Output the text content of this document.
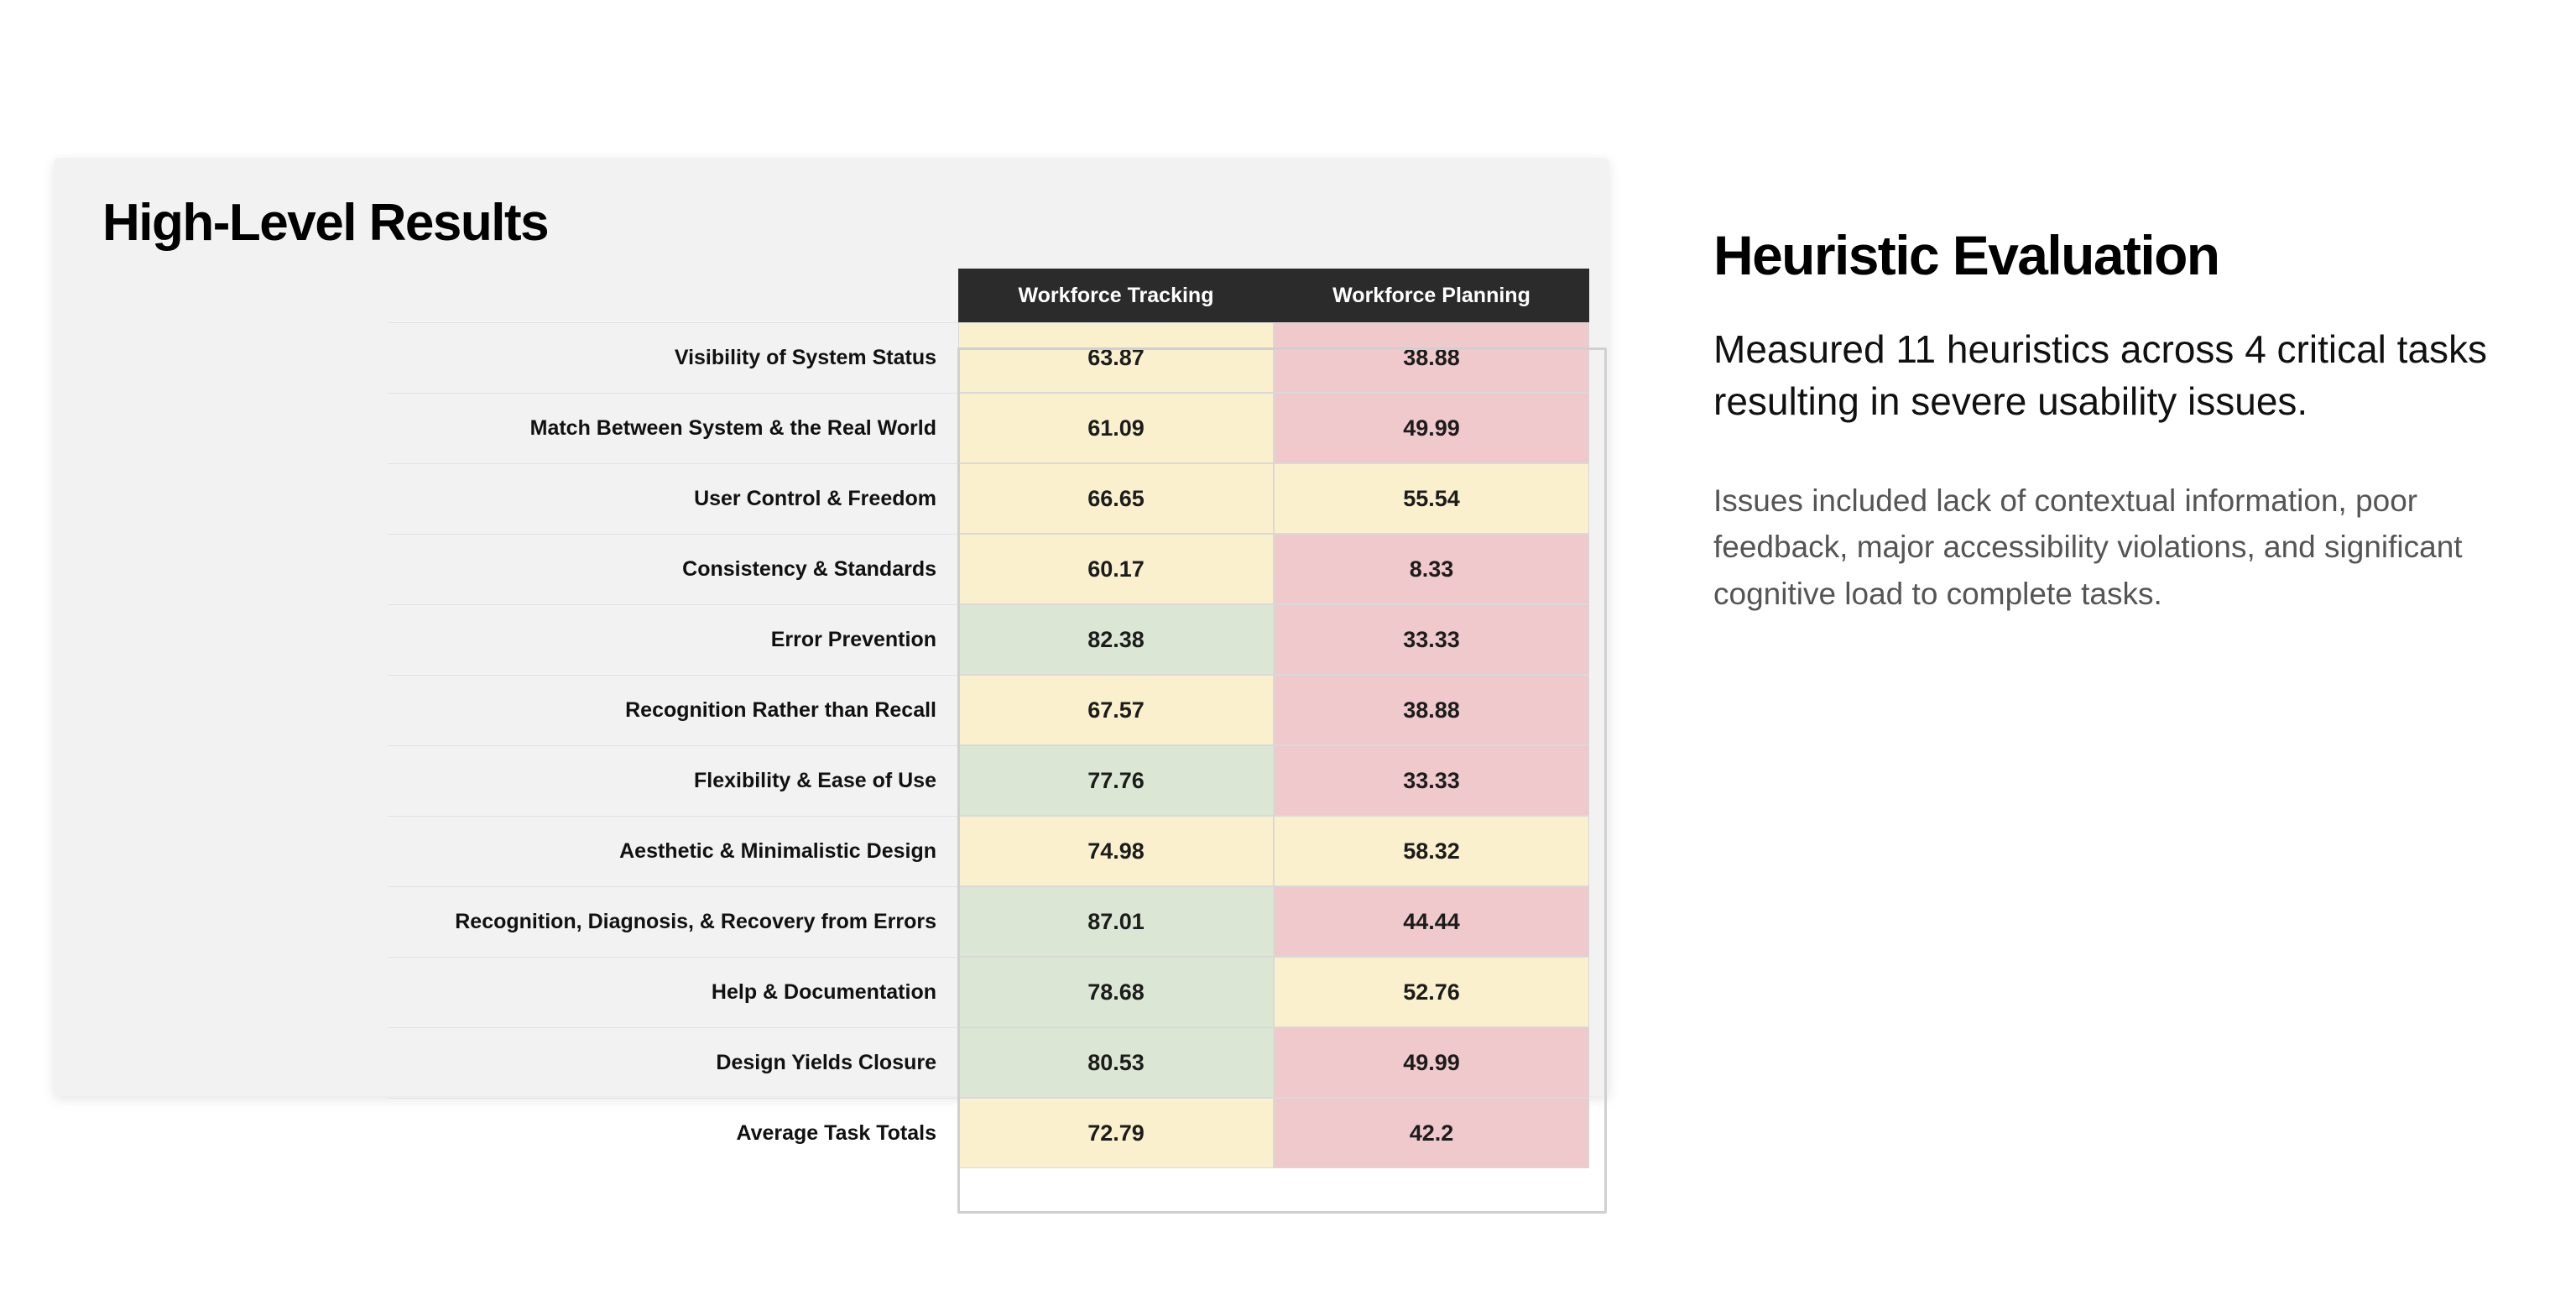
High-Level Results
	Workforce Tracking	Workforce Planning
Visibility of System Status	63.87	38.88
Match Between System & the Real World	61.09	49.99
User Control & Freedom	66.65	55.54
Consistency & Standards	60.17	8.33
Error Prevention	82.38	33.33
Recognition Rather than Recall	67.57	38.88
Flexibility & Ease of Use	77.76	33.33
Aesthetic & Minimalistic Design	74.98	58.32
Recognition, Diagnosis, & Recovery from Errors	87.01	44.44
Help & Documentation	78.68	52.76
Design Yields Closure	80.53	49.99
Average Task Totals	72.79	42.2
Heuristic Evaluation

Measured 11 heuristics across 4 critical tasks resulting in severe usability issues.

Issues included lack of contextual information, poor feedback, major accessibility violations, and significant cognitive load to complete tasks.
